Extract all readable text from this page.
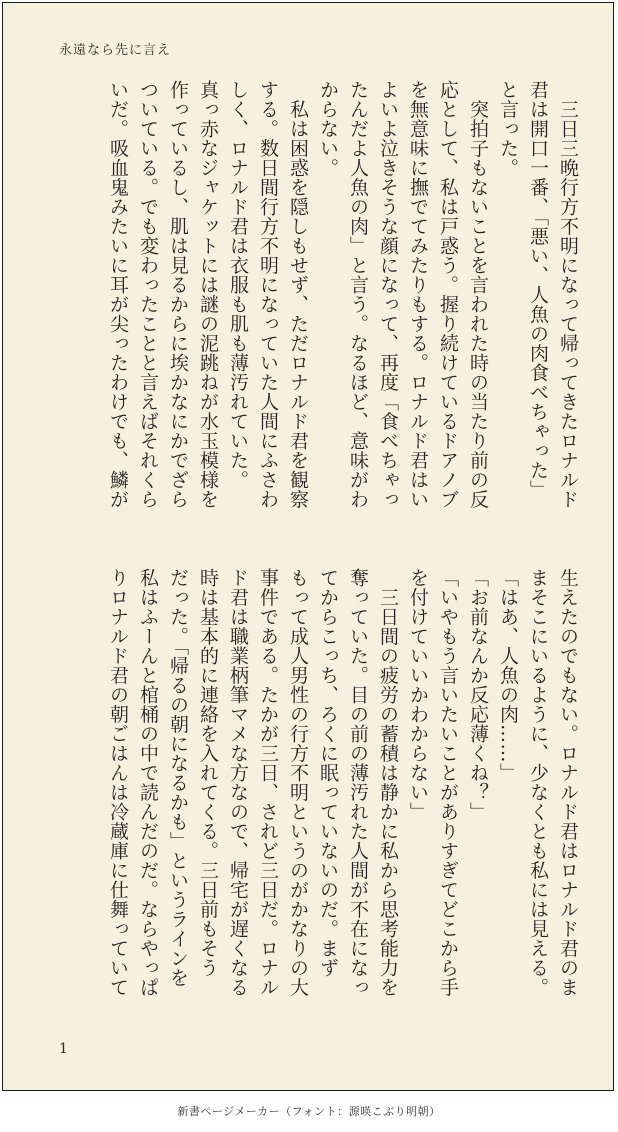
永遠なら先に言え
　三日三晩行方不明になって帰ってきたロナルド
君は開口一番、「悪い、人魚の肉食べちゃった」
と言った。
　突拍子もないことを言われた時の当たり前の反
応として、私は戸惑う。握り続けているドアノブ
を無意味に撫でてみたりもする。ロナルド君はい
よいよ泣きそうな顔になって、再度「食べちゃっ
たんだよ人魚の肉」と言う。なるほど、意味がわ
からない。
　私は困惑を隠しもせず、ただロナルド君を観察
する。数日間行方不明になっていた人間にふさわ
しく、ロナルド君は衣服も肌も薄汚れていた。
真っ赤なジャケットには謎の泥跳ねが水玉模様を
作っているし、肌は見るからに埃かなにかでざら
ついている。でも変わったことと言えばそれくら
いだ。吸血鬼みたいに耳が尖ったわけでも、鱗が
生えたのでもない。ロナルド君はロナルド君のま
まそこにいるように、少なくとも私には見える。
「はあ、人魚の肉……」
「お前なんか反応薄くね？」
「いやもう言いたいことがありすぎてどこから手
を付けていいかわからない」
　三日間の疲労の蓄積は静かに私から思考能力を
奪っていた。目の前の薄汚れた人間が不在になっ
てからこっち、ろくに眠っていないのだ。まず
もって成人男性の行方不明というのがかなりの大
事件である。たかが三日、されど三日だ。ロナル
ド君は職業柄筆マメな方なので、帰宅が遅くなる
時は基本的に連絡を入れてくる。三日前もそう
だった。「帰るの朝になるかも」というラインを
私はふーんと棺桶の中で読んだのだ。ならやっぱ
りロナルド君の朝ごはんは冷蔵庫に仕舞っていて
1
新書ページメーカー（フォント：源暎こぶり明朝）
